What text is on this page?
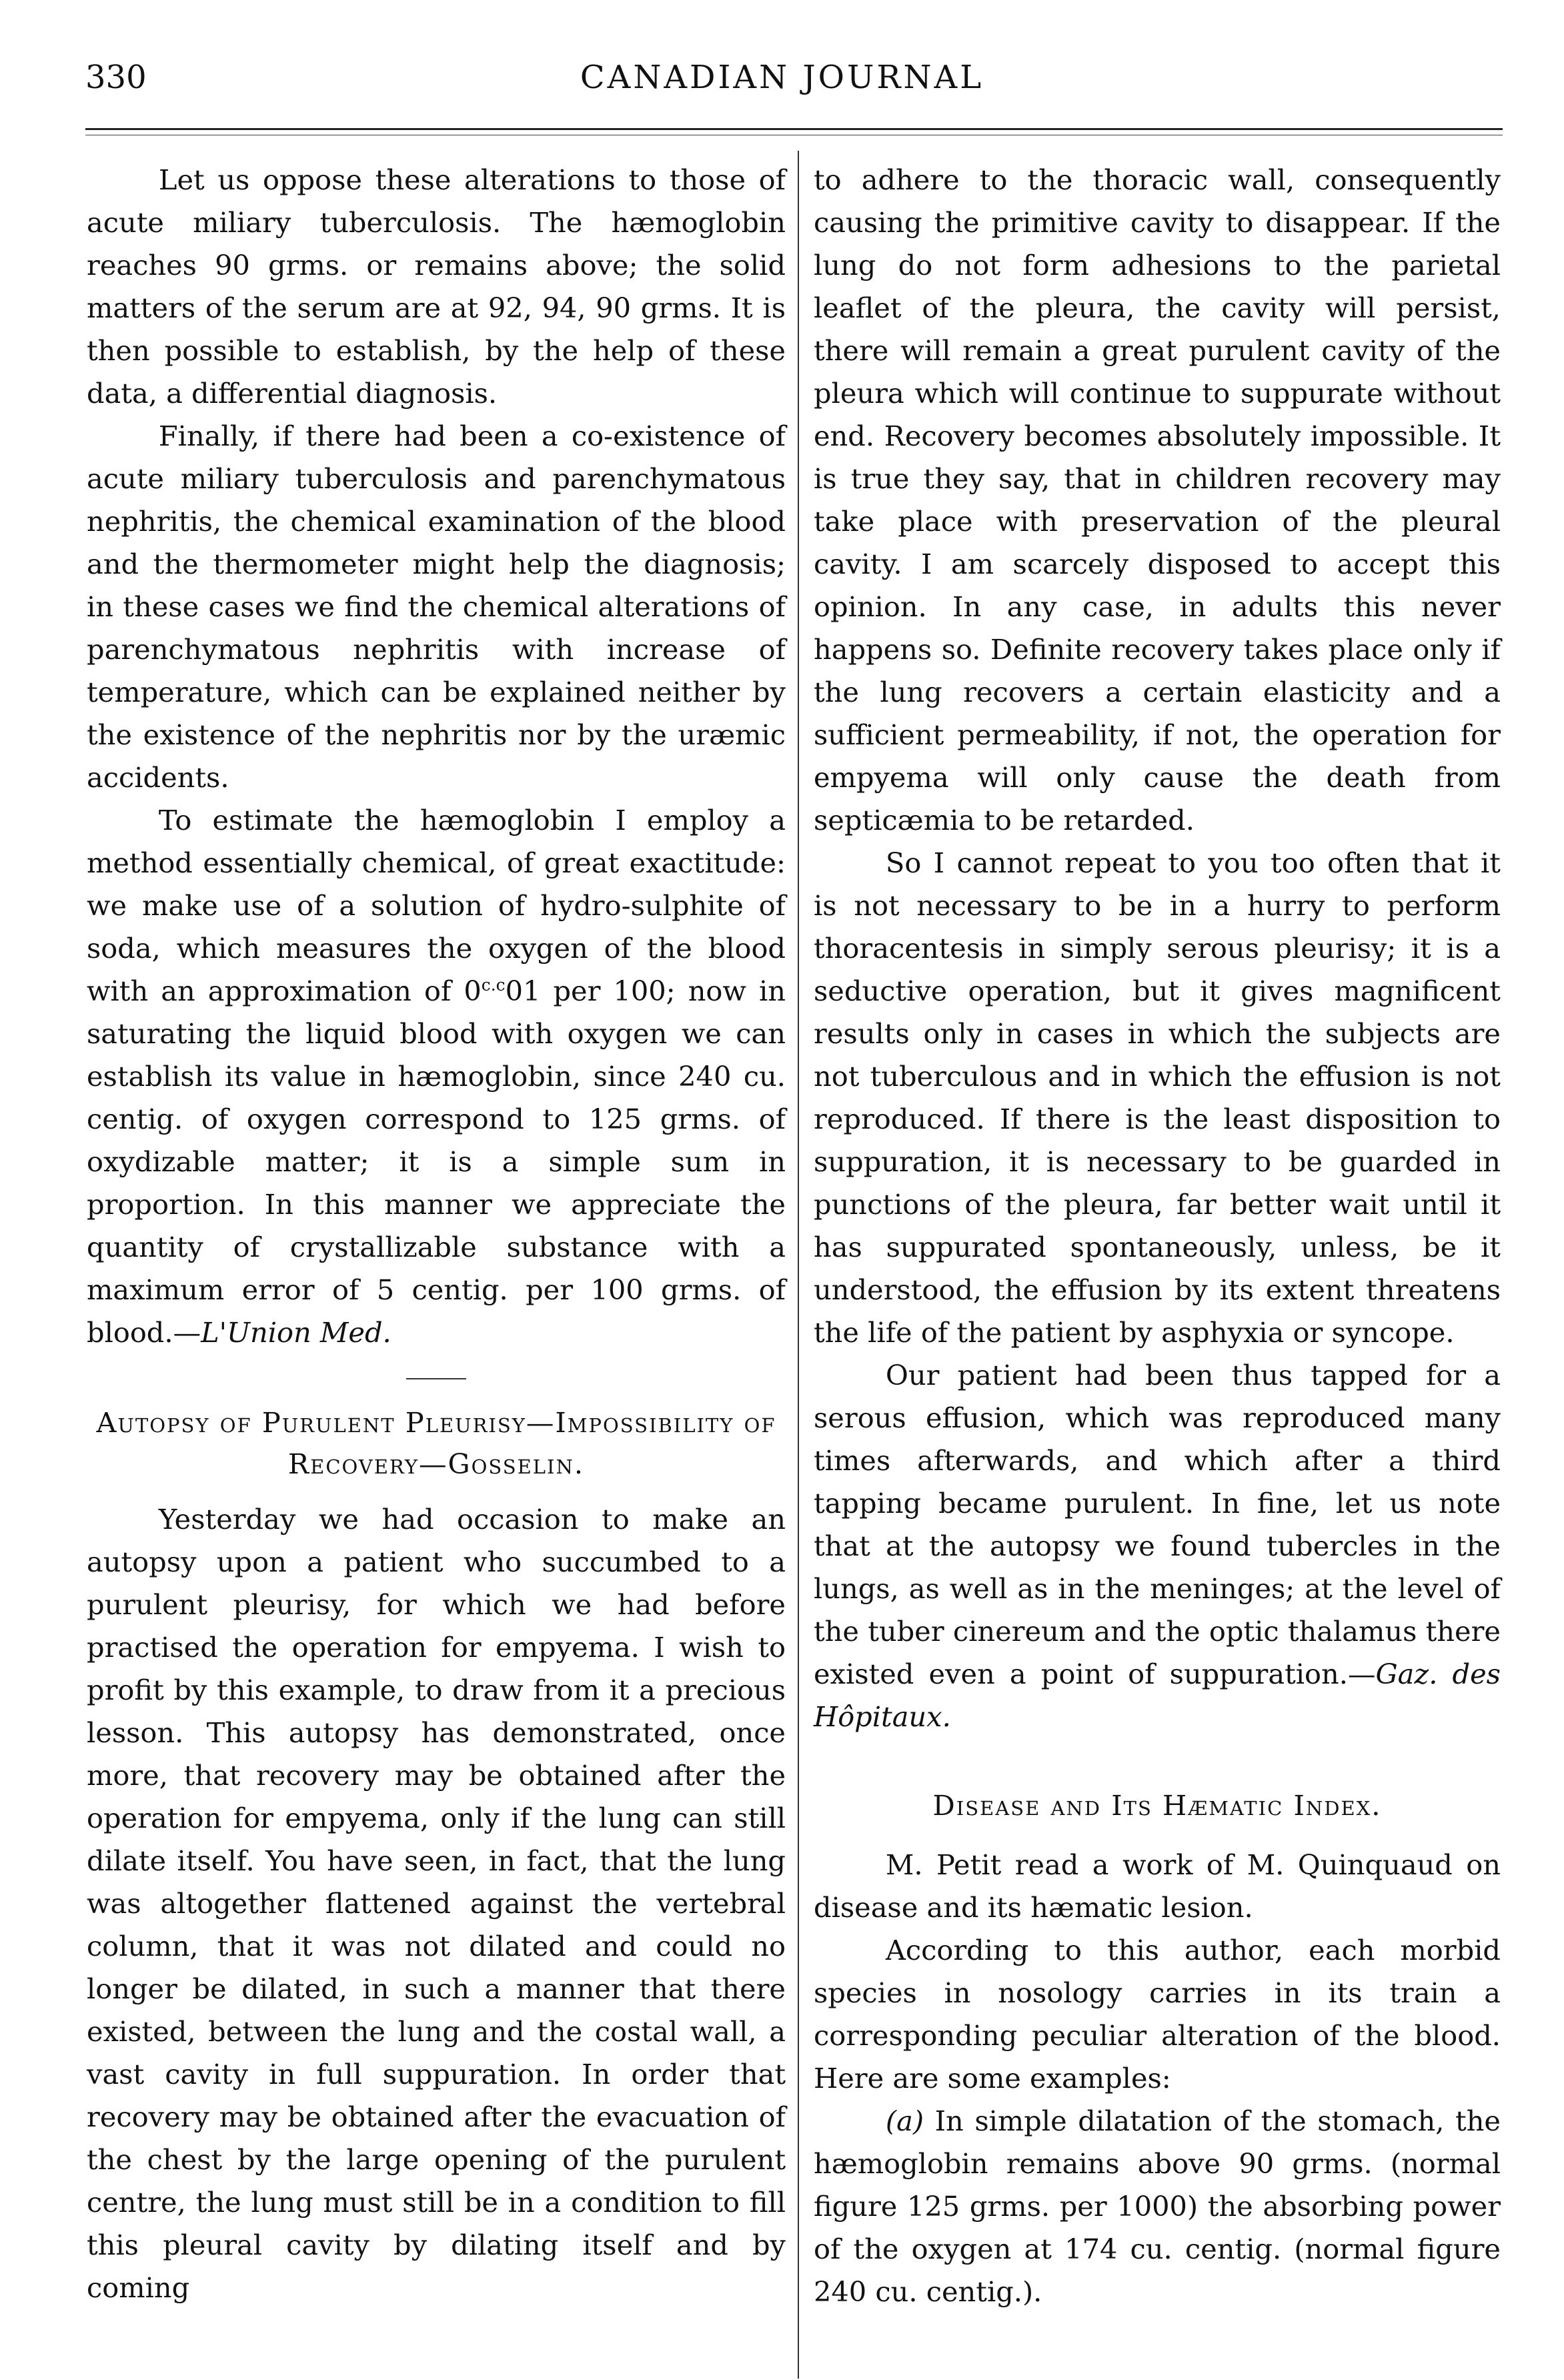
330	CANADIAN JOURNAL

Let us oppose these alterations to those of acute miliary tuberculosis. The hæmoglobin reaches 90 grms. or remains above; the solid matters of the serum are at 92, 94, 90 grms. It is then possible to establish, by the help of these data, a differential diagnosis.

Finally, if there had been a co-existence of acute miliary tuberculosis and parenchymatous nephritis, the chemical examination of the blood and the thermometer might help the diagnosis; in these cases we find the chemical alterations of parenchymatous nephritis with increase of temperature, which can be explained neither by the existence of the nephritis nor by the uræmic accidents.

To estimate the hæmoglobin I employ a method essentially chemical, of great exactitude: we make use of a solution of hydro-sulphite of soda, which measures the oxygen of the blood with an approximation of $0^{c.c}01$ per 100; now in saturating the liquid blood with oxygen we can establish its value in hæmoglobin, since 240 cu. centig. of oxygen correspond to 125 grms. of oxydizable matter; it is a simple sum in proportion. In this manner we appreciate the quantity of crystallizable substance with a maximum error of 5 centig. per 100 grms. of blood.—L'Union Med.

Autopsy of Purulent Pleurisy—Impossibility of Recovery—Gosselin.

Yesterday we had occasion to make an autopsy upon a patient who succumbed to a purulent pleurisy, for which we had before practised the operation for empyema. I wish to profit by this example, to draw from it a precious lesson. This autopsy has demonstrated, once more, that recovery may be obtained after the operation for empyema, only if the lung can still dilate itself. You have seen, in fact, that the lung was altogether flattened against the vertebral column, that it was not dilated and could no longer be dilated, in such a manner that there existed, between the lung and the costal wall, a vast cavity in full suppuration. In order that recovery may be obtained after the evacuation of the chest by the large opening of the purulent centre, the lung must still be in a condition to fill this pleural cavity by dilating itself and by coming

to adhere to the thoracic wall, consequently causing the primitive cavity to disappear. If the lung do not form adhesions to the parietal leaflet of the pleura, the cavity will persist, there will remain a great purulent cavity of the pleura which will continue to suppurate without end. Recovery becomes absolutely impossible. It is true they say, that in children recovery may take place with preservation of the pleural cavity. I am scarcely disposed to accept this opinion. In any case, in adults this never happens so. Definite recovery takes place only if the lung recovers a certain elasticity and a sufficient permeability, if not, the operation for empyema will only cause the death from septicæmia to be retarded.

So I cannot repeat to you too often that it is not necessary to be in a hurry to perform thoracentesis in simply serous pleurisy; it is a seductive operation, but it gives magnificent results only in cases in which the subjects are not tuberculous and in which the effusion is not reproduced. If there is the least disposition to suppuration, it is necessary to be guarded in punctions of the pleura, far better wait until it has suppurated spontaneously, unless, be it understood, the effusion by its extent threatens the life of the patient by asphyxia or syncope.

Our patient had been thus tapped for a serous effusion, which was reproduced many times afterwards, and which after a third tapping became purulent. In fine, let us note that at the autopsy we found tubercles in the lungs, as well as in the meninges; at the level of the tuber cinereum and the optic thalamus there existed even a point of suppuration.—Gaz. des Hôpitaux.

Disease and Its Hæmatic Index.

M. Petit read a work of M. Quinquaud on disease and its hæmatic lesion.

According to this author, each morbid species in nosology carries in its train a corresponding peculiar alteration of the blood. Here are some examples:

(a) In simple dilatation of the stomach, the hæmoglobin remains above 90 grms. (normal figure 125 grms. per 1000) the absorbing power of the oxygen at 174 cu. centig. (normal figure 240 cu. centig.).
